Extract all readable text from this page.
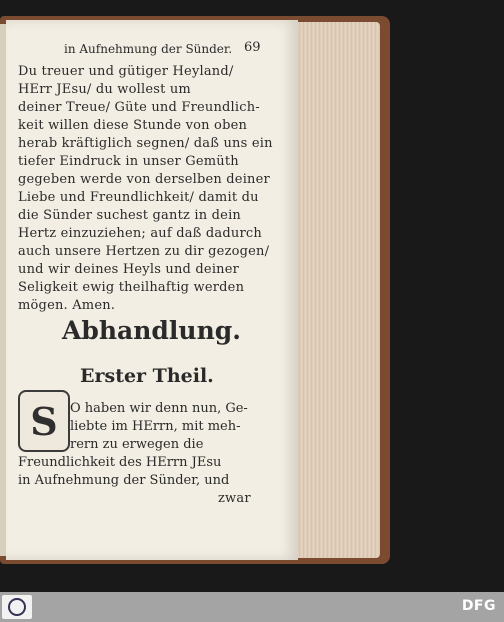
in Aufnehmung der Sünder. 69
Du treuer und gütiger Heyland/
HErr JEsu/ du wollest um
deiner Treue/ Güte und Freundlich-
keit willen diese Stunde von oben
herab kräftiglich segnen/ daß uns ein
tiefer Eindruck in unser Gemüth
gegeben werde von derselben deiner
Liebe und Freundlichkeit/ damit du
die Sünder suchest gantz in dein
Hertz einzuziehen; auf daß dadurch
auch unsere Hertzen zu dir gezogen/
und wir deines Heyls und deiner
Seligkeit ewig theilhaftig werden
mögen. Amen.
Abhandlung.
Erster Theil.
S O haben wir denn nun, Ge-
liebte im HErrn, mit meh-
rern zu erwegen die
Freundlichkeit des HErrn JEsu
in Aufnehmung der Sünder, und
zwar
DFG
